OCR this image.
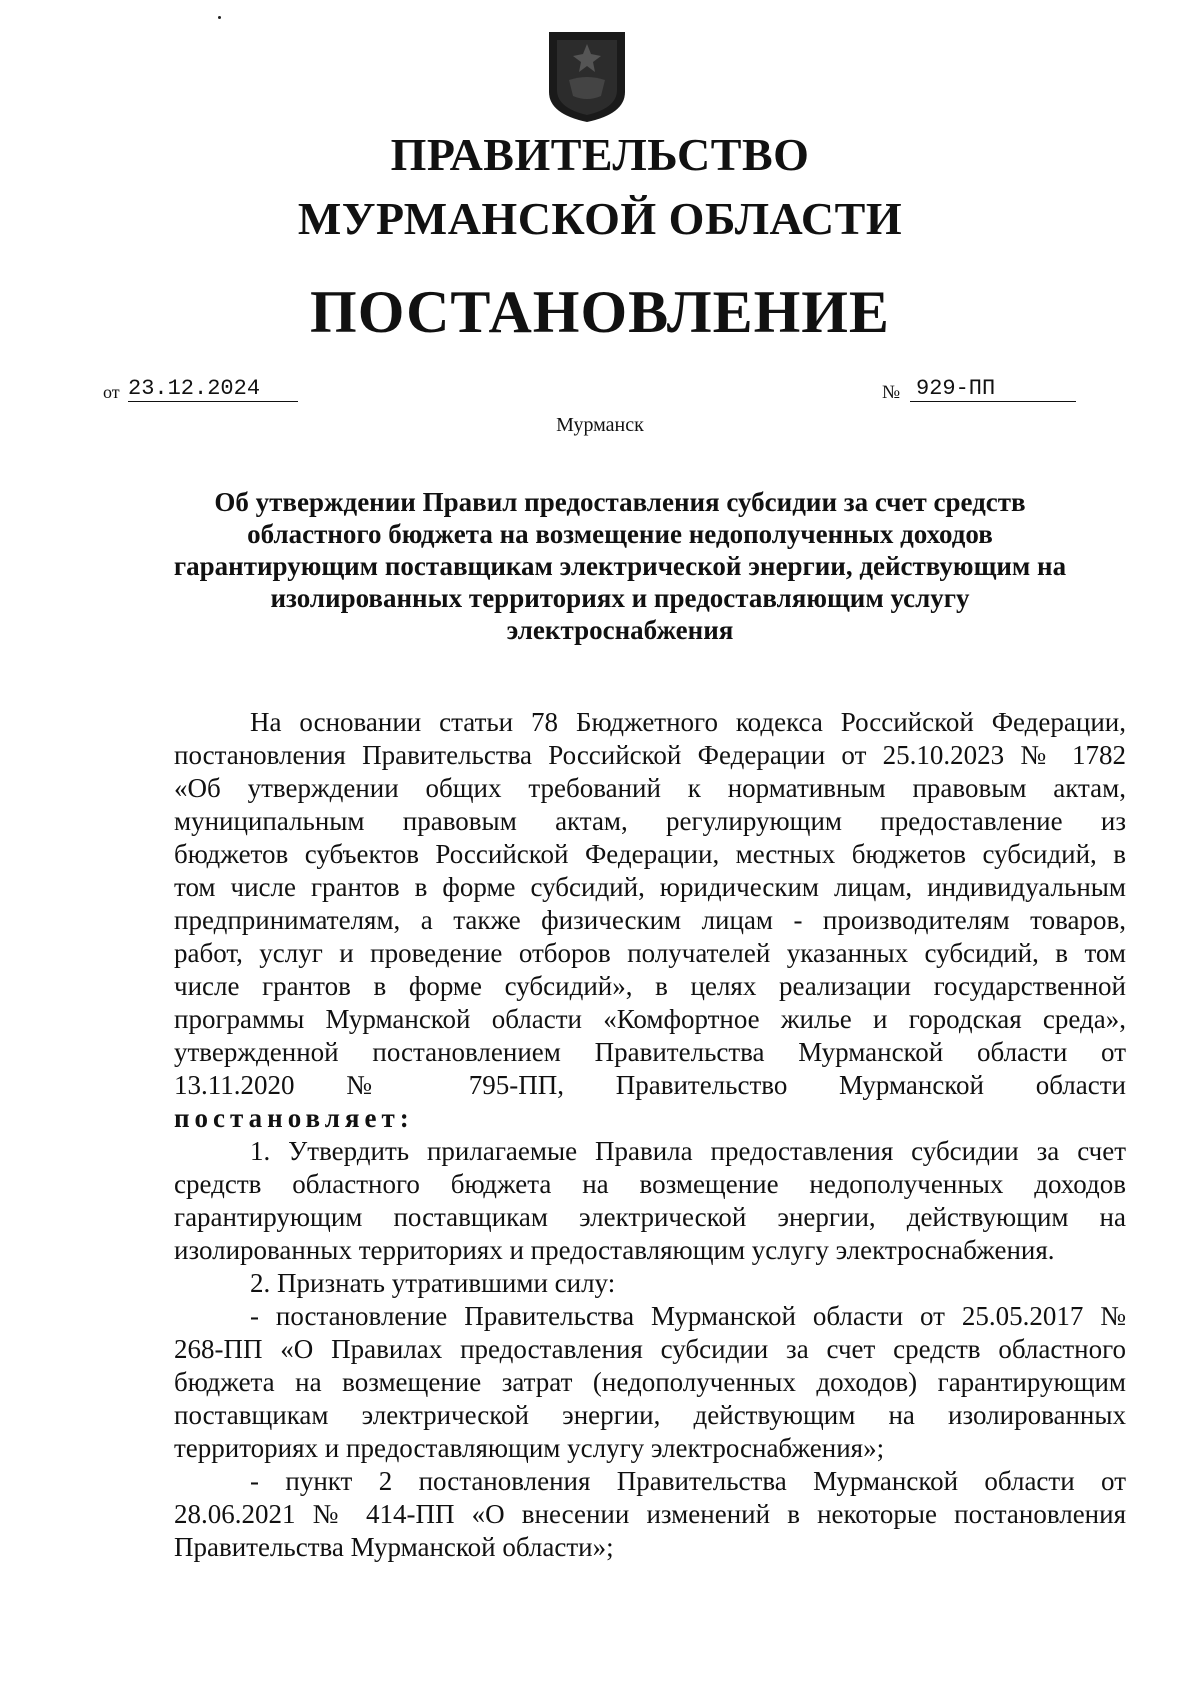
ПРАВИТЕЛЬСТВО
МУРМАНСКОЙ ОБЛАСТИ
ПОСТАНОВЛЕНИЕ
от 23.12.2024	№ 929-ПП
Мурманск
Об утверждении Правил предоставления субсидии за счет средств
областного бюджета на возмещение недополученных доходов
гарантирующим поставщикам электрической энергии, действующим на
изолированных территориях и предоставляющим услугу
электроснабжения
На основании статьи 78 Бюджетного кодекса Российской Федерации,
постановления Правительства Российской Федерации от 25.10.2023 № 1782
«Об утверждении общих требований к нормативным правовым актам,
муниципальным правовым актам, регулирующим предоставление из
бюджетов субъектов Российской Федерации, местных бюджетов субсидий, в
том числе грантов в форме субсидий, юридическим лицам, индивидуальным
предпринимателям, а также физическим лицам - производителям товаров,
работ, услуг и проведение отборов получателей указанных субсидий, в том
числе грантов в форме субсидий», в целях реализации государственной
программы Мурманской области «Комфортное жилье и городская среда»,
утвержденной постановлением Правительства Мурманской области от
13.11.2020 № 795-ПП, Правительство Мурманской области
постановляет:
1. Утвердить прилагаемые Правила предоставления субсидии за счет
средств областного бюджета на возмещение недополученных доходов
гарантирующим поставщикам электрической энергии, действующим на
изолированных территориях и предоставляющим услугу электроснабжения.
2. Признать утратившими силу:
- постановление Правительства Мурманской области от 25.05.2017 №
268-ПП «О Правилах предоставления субсидии за счет средств областного
бюджета на возмещение затрат (недополученных доходов) гарантирующим
поставщикам электрической энергии, действующим на изолированных
территориях и предоставляющим услугу электроснабжения»;
- пункт 2 постановления Правительства Мурманской области от
28.06.2021 № 414-ПП «О внесении изменений в некоторые постановления
Правительства Мурманской области»;
